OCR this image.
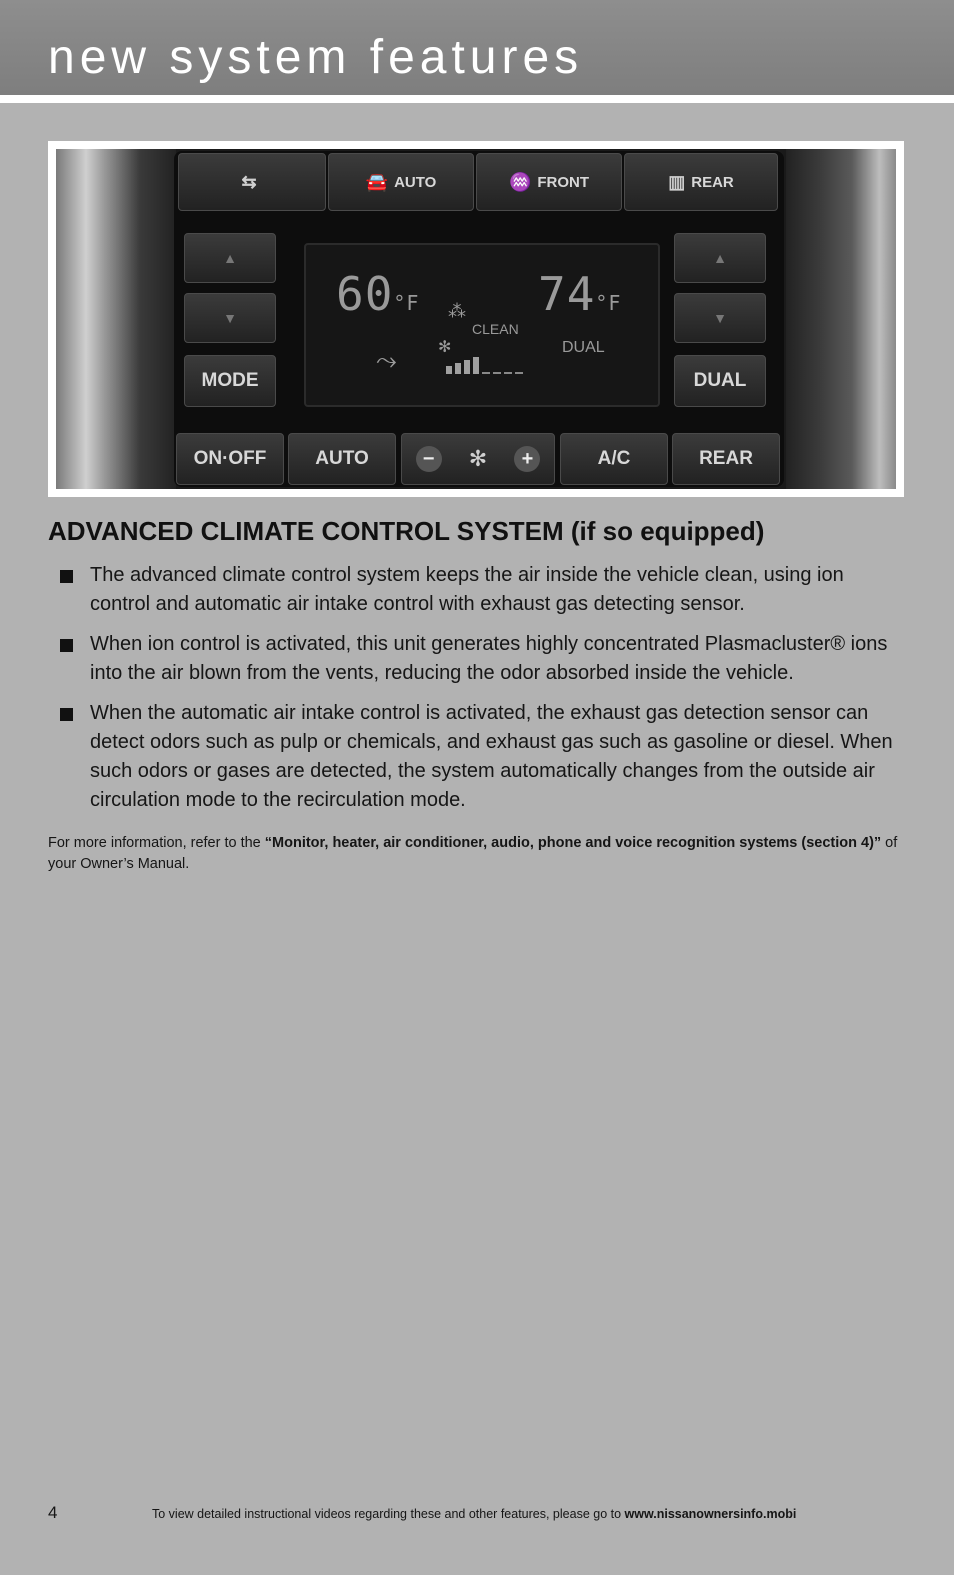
new system features
⇆	🚘 AUTO	♒ FRONT	▥ REAR
▲
▼
MODE
60°F	74°F
⁂
CLEAN
DUAL
⤳	✻
▲
▼
DUAL
ON·OFF	AUTO	−	✻	+	A/C	REAR
ADVANCED CLIMATE CONTROL SYSTEM (if so equipped)
The advanced climate control system keeps the air inside the vehicle clean, using ion control and automatic air intake control with exhaust gas detecting sensor.
When ion control is activated, this unit generates highly concentrated Plasmacluster® ions into the air blown from the vents, reducing the odor absorbed inside the vehicle.
When the automatic air intake control is activated, the exhaust gas detection sensor can detect odors such as pulp or chemicals, and exhaust gas such as gasoline or diesel. When such odors or gases are detected, the system automatically changes from the outside air circulation mode to the recirculation mode.
For more information, refer to the “Monitor, heater, air conditioner, audio, phone and voice recognition systems (section 4)” of your Owner’s Manual.
4	To view detailed instructional videos regarding these and other features, please go to www.nissanownersinfo.mobi
